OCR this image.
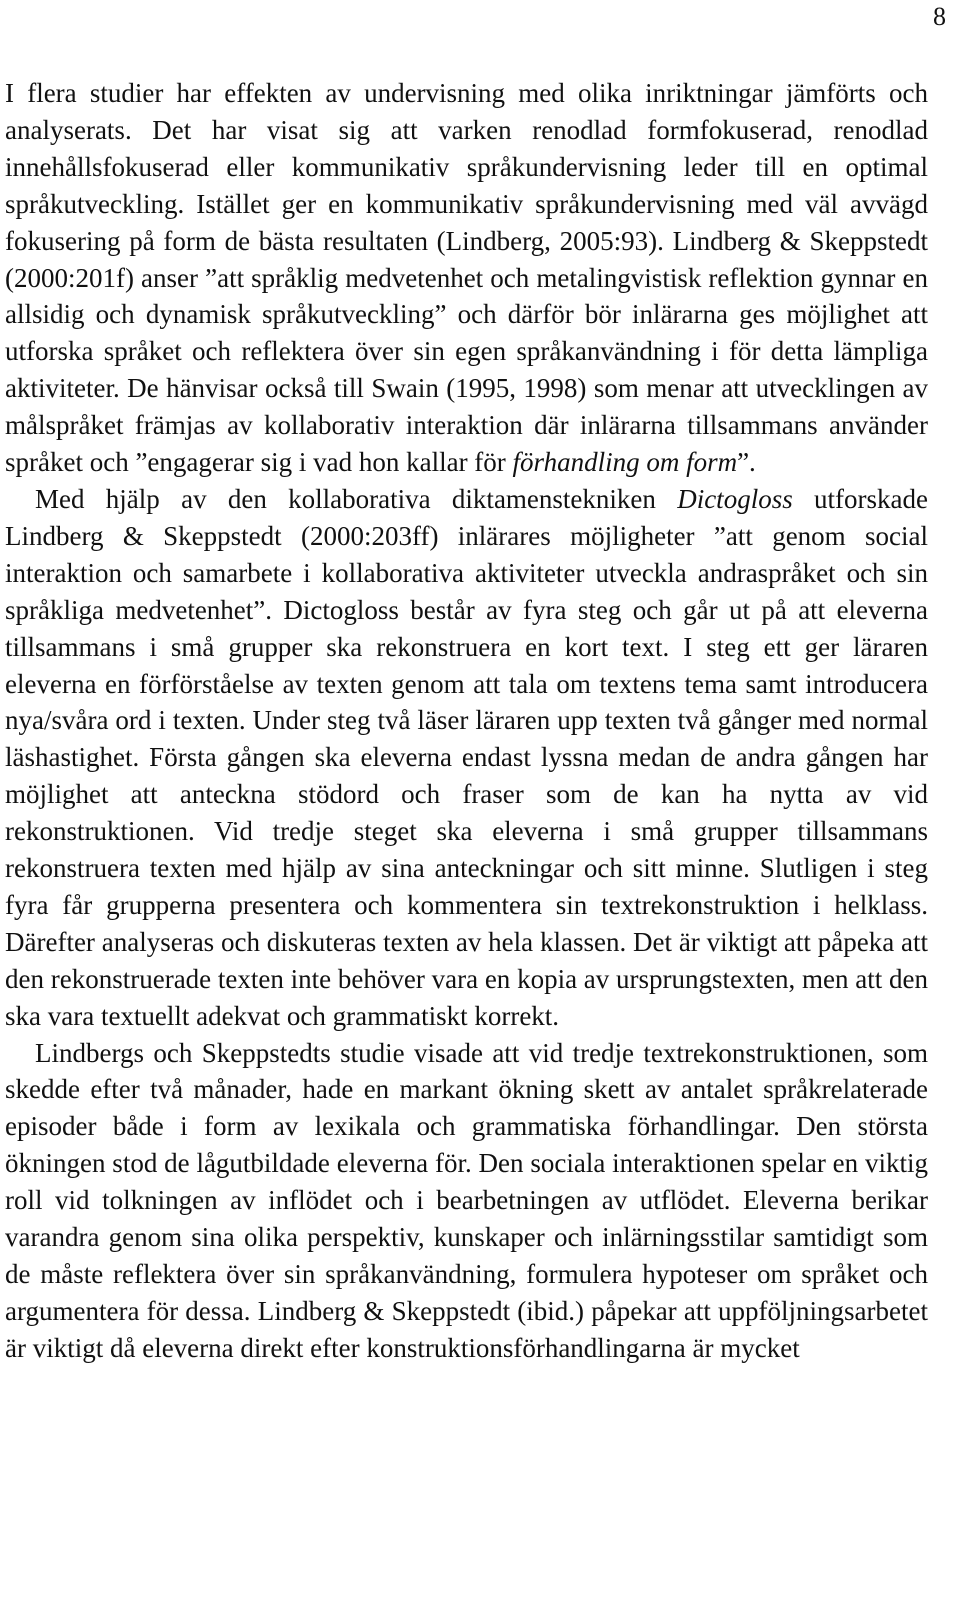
8

I flera studier har effekten av undervisning med olika inriktningar jämförts och analyserats. Det har visat sig att varken renodlad formfokuserad, renodlad innehållsfokuserad eller kommunikativ språkundervisning leder till en optimal språkutveckling. Istället ger en kommunikativ språkundervisning med väl avvägd fokusering på form de bästa resultaten (Lindberg, 2005:93). Lindberg & Skeppstedt (2000:201f) anser ”att språklig medvetenhet och metalingvistisk reflektion gynnar en allsidig och dynamisk språkutveckling” och därför bör inlärarna ges möjlighet att utforska språket och reflektera över sin egen språkanvändning i för detta lämpliga aktiviteter. De hänvisar också till Swain (1995, 1998) som menar att utvecklingen av målspråket främjas av kollaborativ interaktion där inlärarna tillsammans använder språket och ”engagerar sig i vad hon kallar för förhandling om form”.

Med hjälp av den kollaborativa diktamenstekniken Dictogloss utforskade Lindberg & Skeppstedt (2000:203ff) inlärares möjligheter ”att genom social interaktion och samarbete i kollaborativa aktiviteter utveckla andraspråket och sin språkliga medvetenhet”. Dictogloss består av fyra steg och går ut på att eleverna tillsammans i små grupper ska rekonstruera en kort text. I steg ett ger läraren eleverna en förförståelse av texten genom att tala om textens tema samt introducera nya/svåra ord i texten. Under steg två läser läraren upp texten två gånger med normal läshastighet. Första gången ska eleverna endast lyssna medan de andra gången har möjlighet att anteckna stödord och fraser som de kan ha nytta av vid rekonstruktionen. Vid tredje steget ska eleverna i små grupper tillsammans rekonstruera texten med hjälp av sina anteckningar och sitt minne. Slutligen i steg fyra får grupperna presentera och kommentera sin textrekonstruktion i helklass. Därefter analyseras och diskuteras texten av hela klassen. Det är viktigt att påpeka att den rekonstruerade texten inte behöver vara en kopia av ursprungstexten, men att den ska vara textuellt adekvat och grammatiskt korrekt.

Lindbergs och Skeppstedts studie visade att vid tredje textrekonstruktionen, som skedde efter två månader, hade en markant ökning skett av antalet språkrelaterade episoder både i form av lexikala och grammatiska förhandlingar. Den största ökningen stod de lågutbildade eleverna för. Den sociala interaktionen spelar en viktig roll vid tolkningen av inflödet och i bearbetningen av utflödet. Eleverna berikar varandra genom sina olika perspektiv, kunskaper och inlärningsstilar samtidigt som de måste reflektera över sin språkanvändning, formulera hypoteser om språket och argumentera för dessa. Lindberg & Skeppstedt (ibid.) påpekar att uppföljningsarbetet är viktigt då eleverna direkt efter konstruktionsförhandlingarna är mycket
